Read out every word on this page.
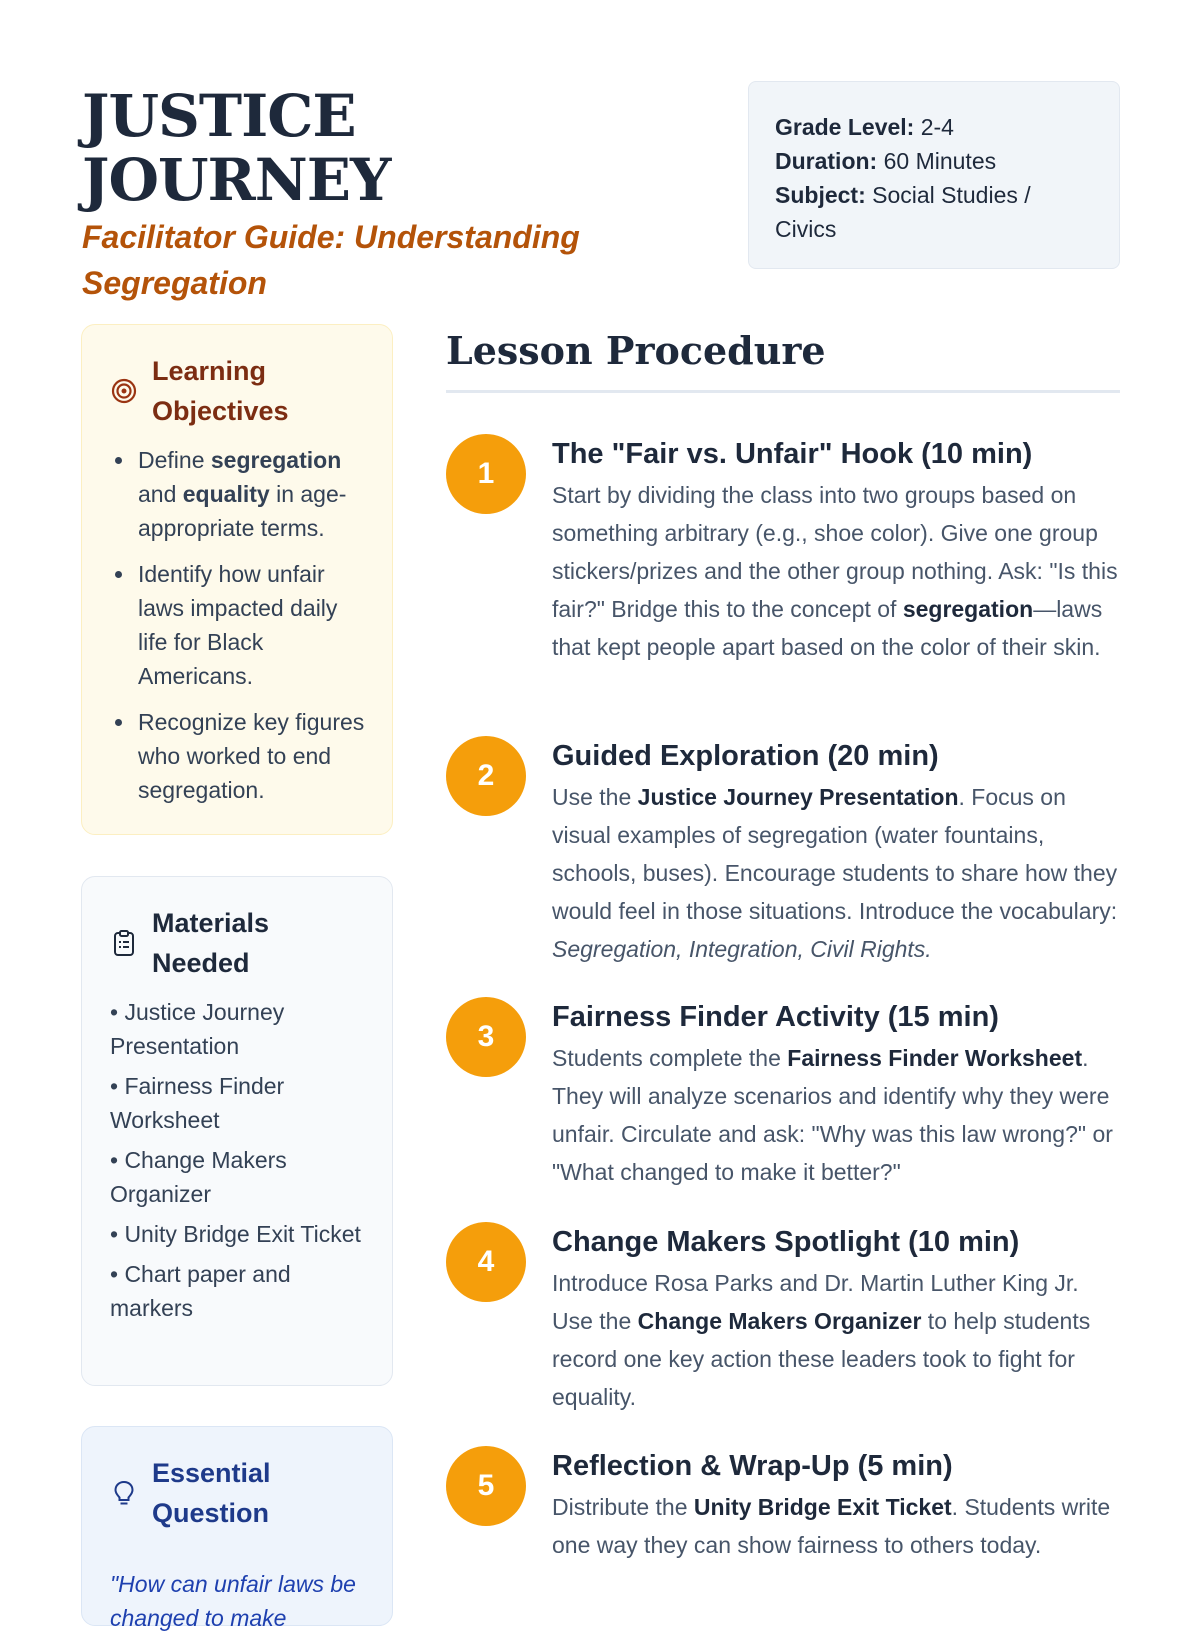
JUSTICE JOURNEY
Facilitator Guide: Understanding Segregation
Grade Level: 2-4
Duration: 60 Minutes
Subject: Social Studies / Civics
Learning Objectives
• Define segregation and equality in age-appropriate terms.
• Identify how unfair laws impacted daily life for Black Americans.
• Recognize key figures who worked to end segregation.
Materials Needed
• Justice Journey Presentation
• Fairness Finder Worksheet
• Change Makers Organizer
• Unity Bridge Exit Ticket
• Chart paper and markers
Essential Question
"How can unfair laws be changed to make
Lesson Procedure
1
The "Fair vs. Unfair" Hook (10 min)
Start by dividing the class into two groups based on something arbitrary (e.g., shoe color). Give one group stickers/prizes and the other group nothing. Ask: "Is this fair?" Bridge this to the concept of segregation—laws that kept people apart based on the color of their skin.
2
Guided Exploration (20 min)
Use the Justice Journey Presentation. Focus on visual examples of segregation (water fountains, schools, buses). Encourage students to share how they would feel in those situations. Introduce the vocabulary: Segregation, Integration, Civil Rights.
3
Fairness Finder Activity (15 min)
Students complete the Fairness Finder Worksheet. They will analyze scenarios and identify why they were unfair. Circulate and ask: "Why was this law wrong?" or "What changed to make it better?"
4
Change Makers Spotlight (10 min)
Introduce Rosa Parks and Dr. Martin Luther King Jr. Use the Change Makers Organizer to help students record one key action these leaders took to fight for equality.
5
Reflection & Wrap-Up (5 min)
Distribute the Unity Bridge Exit Ticket. Students write one way they can show fairness to others today.
